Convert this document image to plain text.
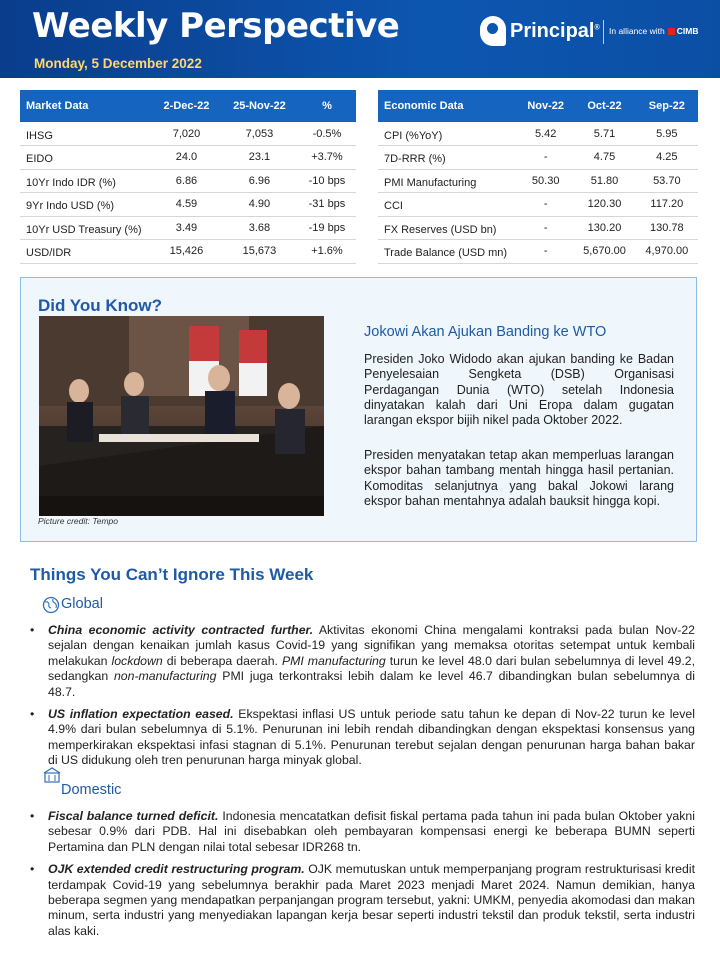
Weekly Perspective
Monday, 5 December 2022
Principal® In alliance with CIMB
Market Data	2-Dec-22	25-Nov-22	%
IHSG	7,020	7,053	-0.5%
EIDO	24.0	23.1	+3.7%
10Yr Indo IDR (%)	6.86	6.96	-10 bps
9Yr Indo USD (%)	4.59	4.90	-31 bps
10Yr USD Treasury (%)	3.49	3.68	-19 bps
USD/IDR	15,426	15,673	+1.6%
Economic Data	Nov-22	Oct-22	Sep-22
CPI (%YoY)	5.42	5.71	5.95
7D-RRR (%)	-	4.75	4.25
PMI Manufacturing	50.30	51.80	53.70
CCI	-	120.30	117.20
FX Reserves (USD bn)	-	130.20	130.78
Trade Balance (USD mn)	-	5,670.00	4,970.00
Did You Know?
Picture credit: Tempo
Jokowi Akan Ajukan Banding ke WTO
Presiden Joko Widodo akan ajukan banding ke Badan Penyelesaian Sengketa (DSB) Organisasi Perdagangan Dunia (WTO) setelah Indonesia dinyatakan kalah dari Uni Eropa dalam gugatan larangan ekspor bijih nikel pada Oktober 2022.
Presiden menyatakan tetap akan memperluas larangan ekspor bahan tambang mentah hingga hasil pertanian. Komoditas selanjutnya yang bakal Jokowi larang ekspor bahan mentahnya adalah bauksit hingga kopi.
Things You Can’t Ignore This Week
Global
• China economic activity contracted further. Aktivitas ekonomi China mengalami kontraksi pada bulan Nov-22 sejalan dengan kenaikan jumlah kasus Covid-19 yang signifikan yang memaksa otoritas setempat untuk kembali melakukan lockdown di beberapa daerah. PMI manufacturing turun ke level 48.0 dari bulan sebelumnya di level 49.2, sedangkan non-manufacturing PMI juga terkontraksi lebih dalam ke level 46.7 dibandingkan bulan sebelumnya di 48.7.
• US inflation expectation eased. Ekspektasi inflasi US untuk periode satu tahun ke depan di Nov-22 turun ke level 4.9% dari bulan sebelumnya di 5.1%. Penurunan ini lebih rendah dibandingkan dengan ekspektasi konsensus yang memperkirakan ekspektasi infasi stagnan di 5.1%. Penurunan terebut sejalan dengan penurunan harga bahan bakar di US didukung oleh tren penurunan harga minyak global.
Domestic
• Fiscal balance turned deficit. Indonesia mencatatkan defisit fiskal pertama pada tahun ini pada bulan Oktober yakni sebesar 0.9% dari PDB. Hal ini disebabkan oleh pembayaran kompensasi energi ke beberapa BUMN seperti Pertamina dan PLN dengan nilai total sebesar IDR268 tn.
• OJK extended credit restructuring program. OJK memutuskan untuk memperpanjang program restrukturisasi kredit terdampak Covid-19 yang sebelumnya berakhir pada Maret 2023 menjadi Maret 2024. Namun demikian, hanya beberapa segmen yang mendapatkan perpanjangan program tersebut, yakni: UMKM, penyedia akomodasi dan makan minum, serta industri yang menyediakan lapangan kerja besar seperti industri tekstil dan produk tekstil, serta industri alas kaki.
